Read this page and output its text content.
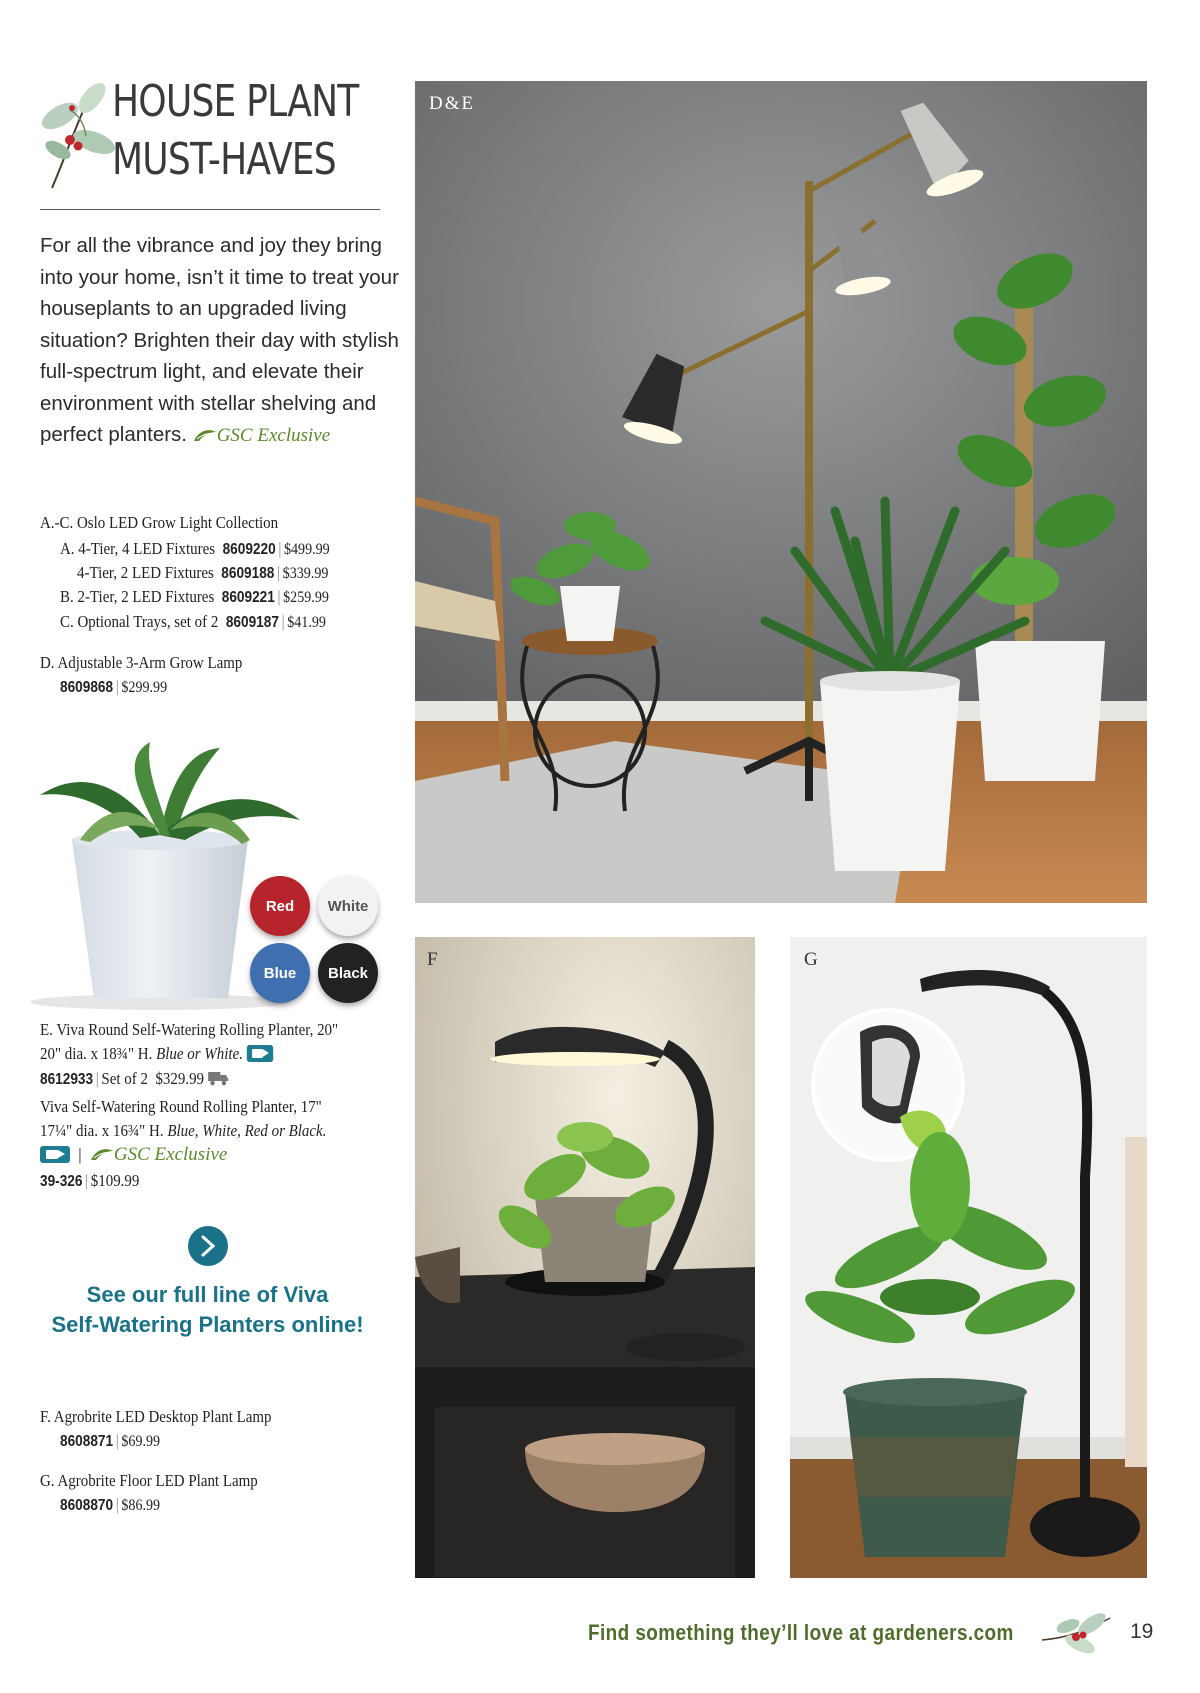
HOUSE PLANT
MUST-HAVES
For all the vibrance and joy they bring into your home, isn’t it time to treat your houseplants to an upgraded living situation? Brighten their day with stylish full-spectrum light, and elevate their environment with stellar shelving and perfect planters. GSC Exclusive
A.-C. Oslo LED Grow Light Collection
A. 4-Tier, 4 LED Fixtures 8609220 | $499.99
4-Tier, 2 LED Fixtures 8609188 | $339.99
B. 2-Tier, 2 LED Fixtures 8609221 | $259.99
C. Optional Trays, set of 2 8609187 | $41.99
D. Adjustable 3-Arm Grow Lamp
8609868 | $299.99
Red	White
Blue	Black
E. Viva Round Self-Watering Rolling Planter, 20"
20" dia. x 18¾" H. Blue or White.
8612933 | Set of 2 $329.99
Viva Self-Watering Round Rolling Planter, 17"
17¼" dia. x 16¾" H. Blue, White, Red or Black.
| GSC Exclusive
39-326 | $109.99
See our full line of Viva
Self-Watering Planters online!
F. Agrobrite LED Desktop Plant Lamp
8608871 | $69.99
G. Agrobrite Floor LED Plant Lamp
8608870 | $86.99
D&E
F	G
Find something they’ll love at gardeners.com	19
